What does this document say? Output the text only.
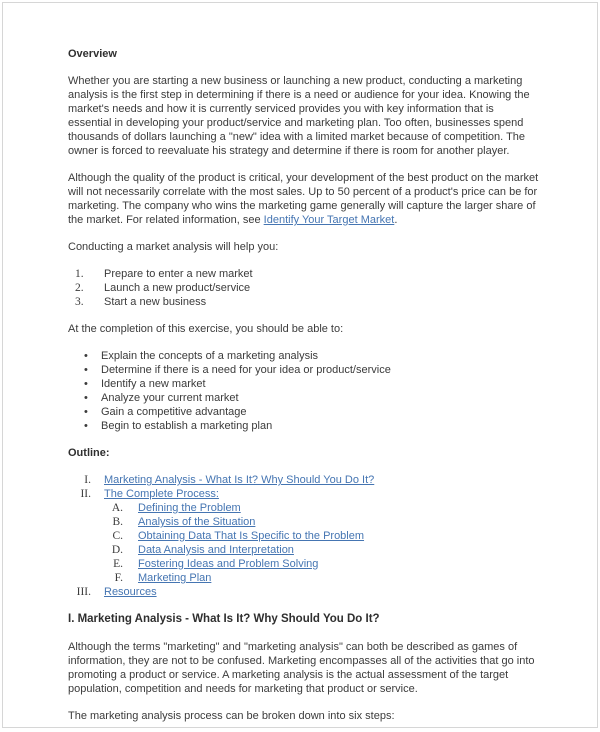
Overview

Whether you are starting a new business or launching a new product, conducting a marketing analysis is the first step in determining if there is a need or audience for your idea. Knowing the market's needs and how it is currently serviced provides you with key information that is essential in developing your product/service and marketing plan. Too often, businesses spend thousands of dollars launching a "new" idea with a limited market because of competition. The owner is forced to reevaluate his strategy and determine if there is room for another player.

Although the quality of the product is critical, your development of the best product on the market will not necessarily correlate with the most sales. Up to 50 percent of a product's price can be for marketing. The company who wins the marketing game generally will capture the larger share of the market. For related information, see Identify Your Target Market.

Conducting a market analysis will help you:

1.	Prepare to enter a new market
2.	Launch a new product/service
3.	Start a new business

At the completion of this exercise, you should be able to:

•	Explain the concepts of a marketing analysis
•	Determine if there is a need for your idea or product/service
•	Identify a new market
•	Analyze your current market
•	Gain a competitive advantage
•	Begin to establish a marketing plan
Outline:
I. Marketing Analysis - What Is It? Why Should You Do It?
II. The Complete Process:
A. Defining the Problem
B. Analysis of the Situation
C. Obtaining Data That Is Specific to the Problem
D. Data Analysis and Interpretation
E. Fostering Ideas and Problem Solving
F. Marketing Plan
III. Resources
I. Marketing Analysis - What Is It? Why Should You Do It?

Although the terms "marketing" and "marketing analysis" can both be described as games of information, they are not to be confused. Marketing encompasses all of the activities that go into promoting a product or service. A marketing analysis is the actual assessment of the target population, competition and needs for marketing that product or service.

The marketing analysis process can be broken down into six steps:
